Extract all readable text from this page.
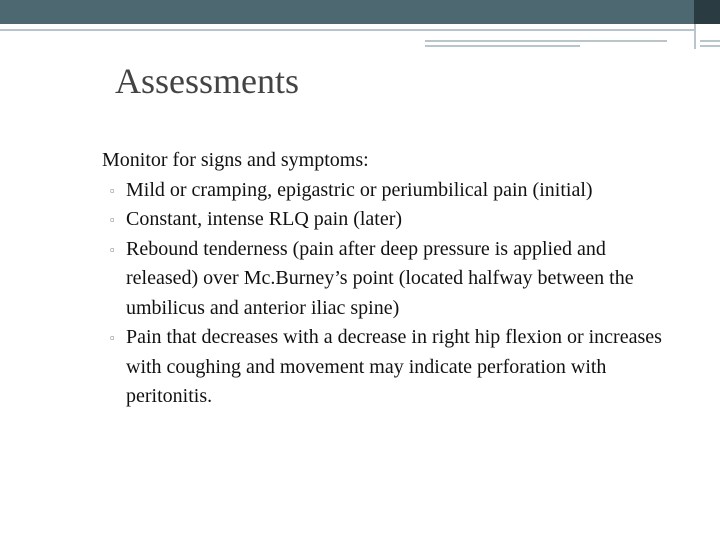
Assessments

Monitor for signs and symptoms:

▫ Mild or cramping, epigastric or periumbilical pain (initial)
▫ Constant, intense RLQ pain (later)
▫ Rebound tenderness (pain after deep pressure is applied and released) over Mc.Burney’s point (located halfway between the umbilicus and anterior iliac spine)
▫ Pain that decreases with a decrease in right hip flexion or increases with coughing and movement may indicate perforation with peritonitis.
